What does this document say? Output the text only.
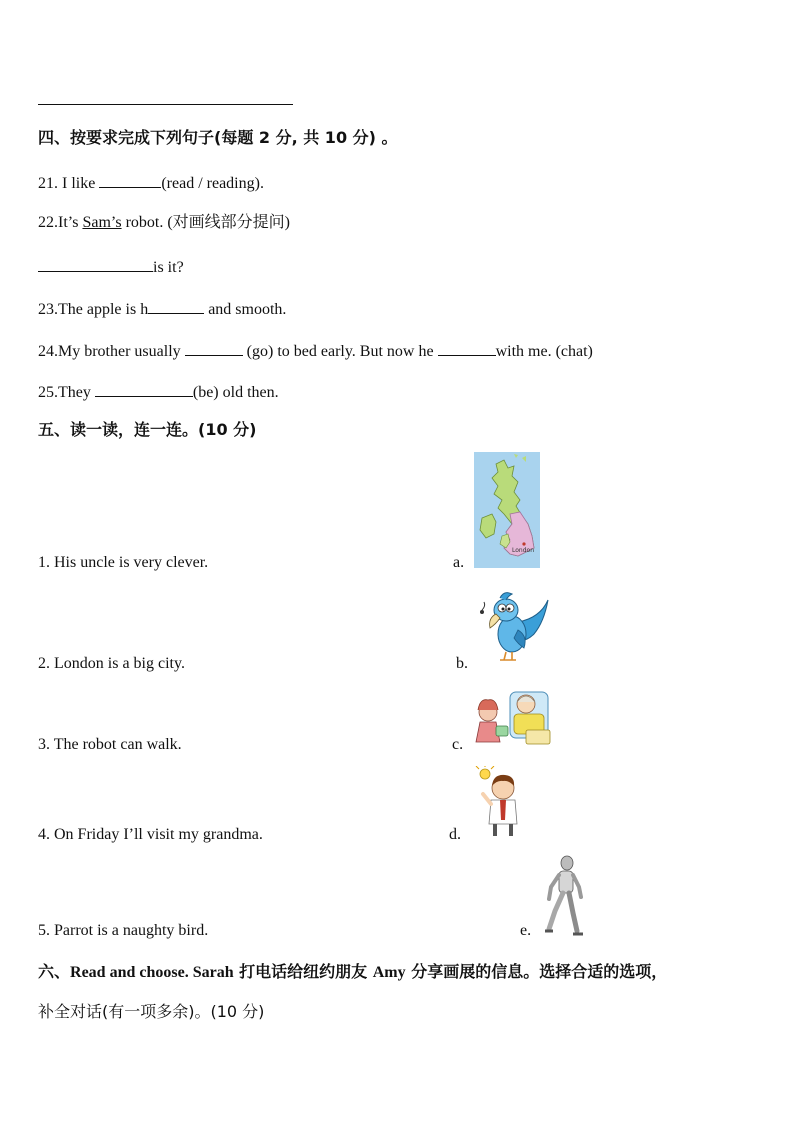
四、按要求完成下列句子(每题 2 分, 共 10 分) 。
21. I like	(read / reading).
22.It’s Sam’s robot. (对画线部分提问)
is it?
23.The apple is h	and smooth.
24.My brother usually	(go) to bed early. But now he	with me. (chat)
25.They	(be) old then.
五、读一读，连一连。(10 分)
1. His uncle is very clever.	a.
2. London is a big city.	b.
3. The robot can walk.	c.
4. On Friday I’ll visit my grandma.	d.
5. Parrot is a naughty bird.	e.
London
六、Read and choose. Sarah 打电话给纽约朋友 Amy 分享画展的信息。选择合适的选项，
补全对话(有一项多余)。(10 分)
